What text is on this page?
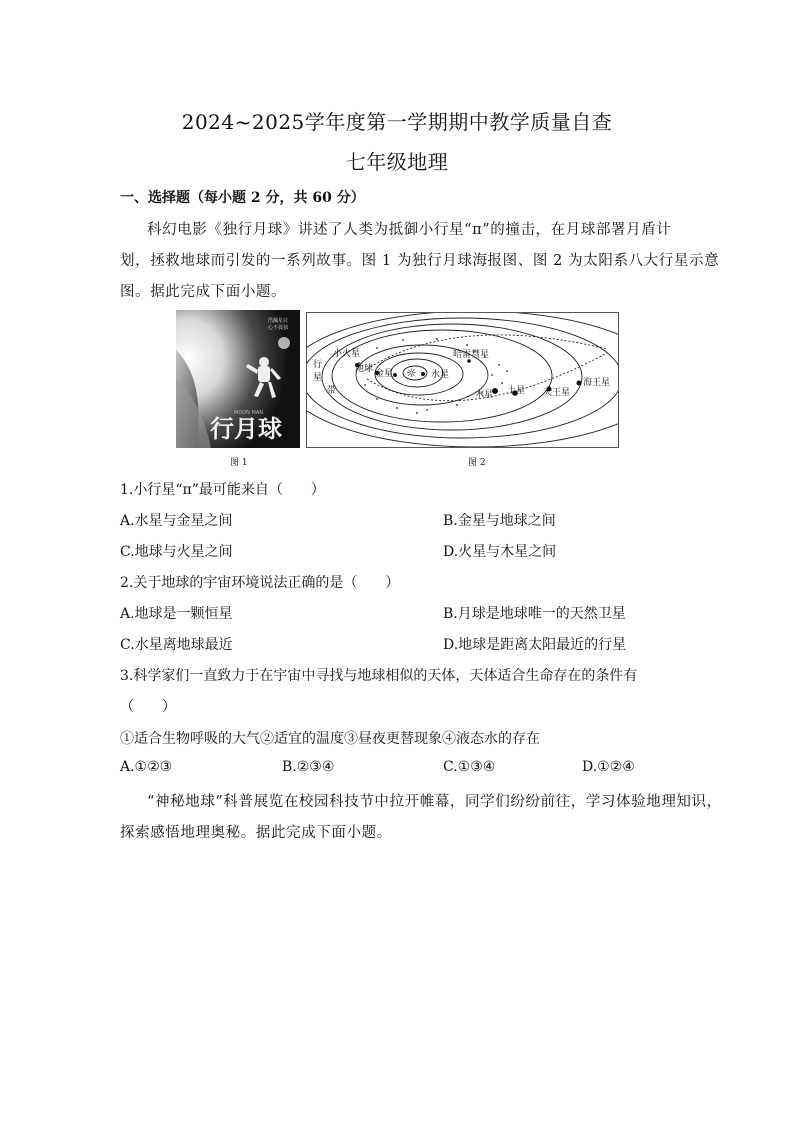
2024~2025学年度第一学期期中教学质量自查
七年级地理
一、选择题（每小题 2 分，共 60 分）
科幻电影《独行月球》讲述了人类为抵御小行星“π”的撞击，在月球部署月盾计
划，拯救地球而引发的一系列故事。图 1 为独行月球海报图、图 2 为太阳系八大行星示意
图。据此完成下面小题。
浩瀚星辰
心不孤独
行月球
MOON MAN
☼ 水星
金星
地球
小火星
行
星
带
哈雷彗星
木星 土星 天王星
海王星
图 1	图 2
1.小行星“π”最可能来自（　　）
A.水星与金星之间	B.金星与地球之间
C.地球与火星之间	D.火星与木星之间
2.关于地球的宇宙环境说法正确的是（　　）
A.地球是一颗恒星	B.月球是地球唯一的天然卫星
C.水星离地球最近	D.地球是距离太阳最近的行星
3.科学家们一直致力于在宇宙中寻找与地球相似的天体，天体适合生命存在的条件有
（　　）
①适合生物呼吸的大气②适宜的温度③昼夜更替现象④液态水的存在
A.①②③	B.②③④	C.①③④	D.①②④
“神秘地球”科普展览在校园科技节中拉开帷幕，同学们纷纷前往，学习体验地理知识，
探索感悟地理奥秘。据此完成下面小题。
